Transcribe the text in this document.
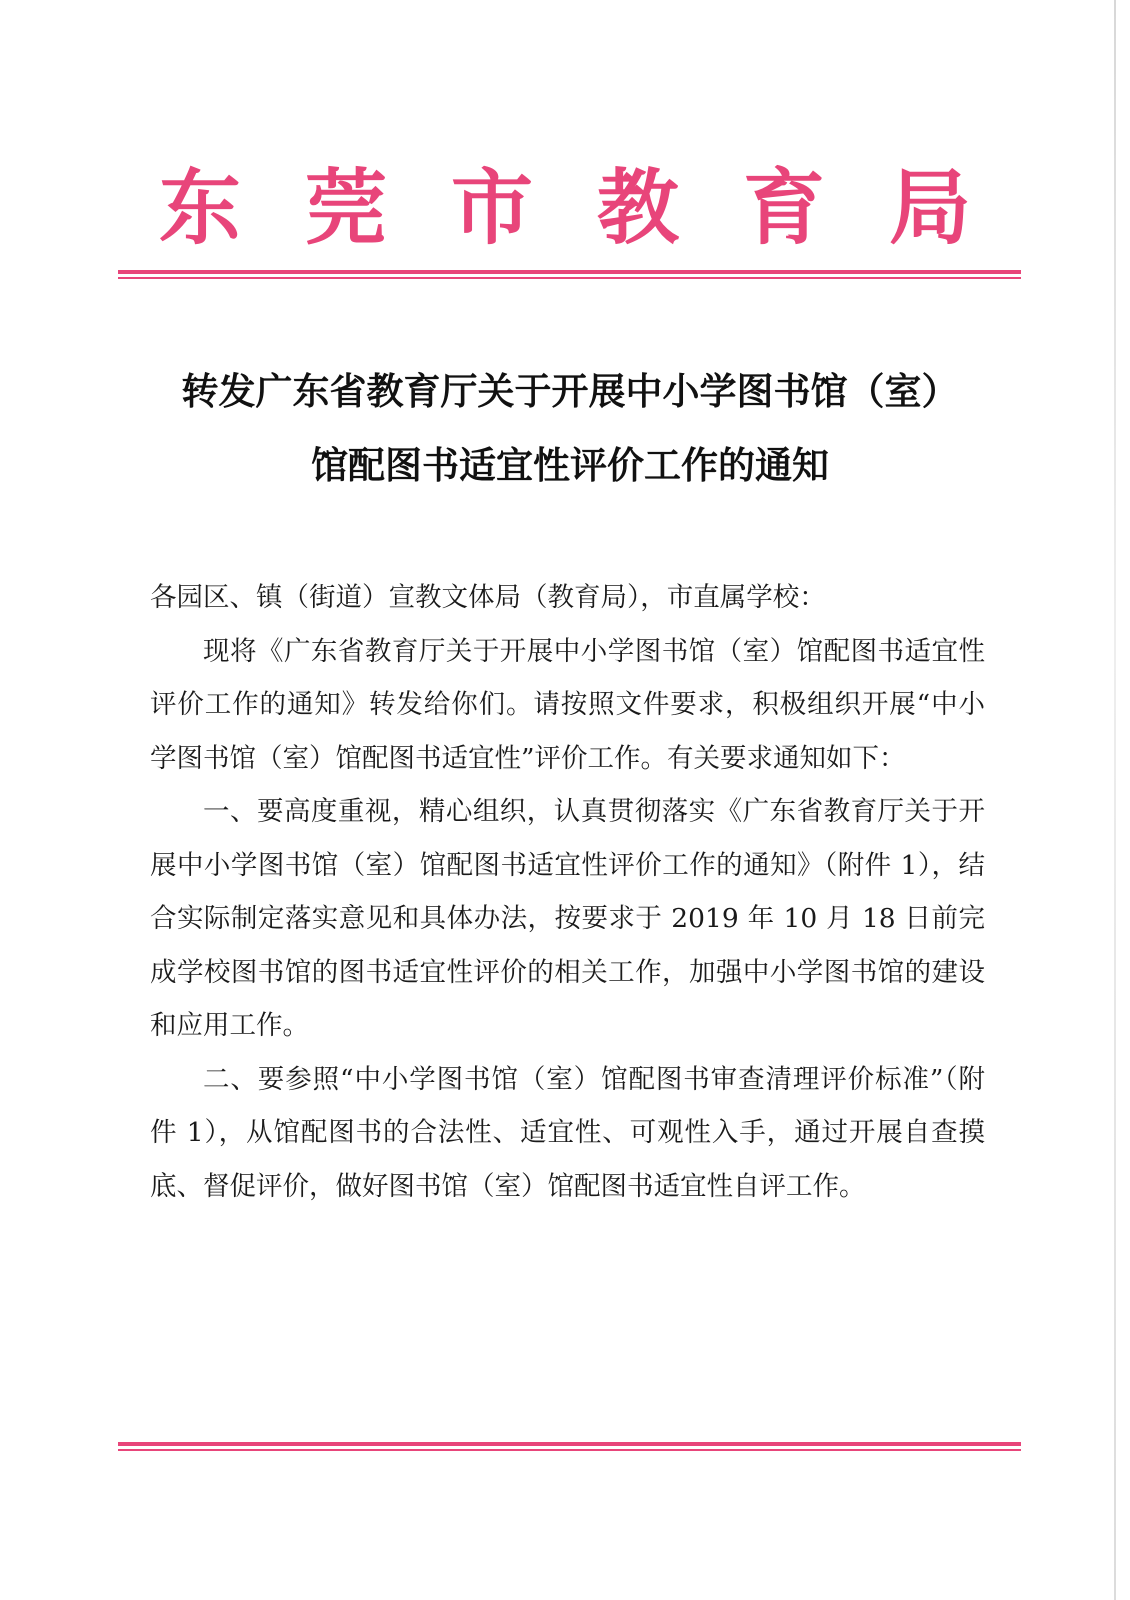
东 莞 市 教 育 局
转发广东省教育厅关于开展中小学图书馆（室）
馆配图书适宜性评价工作的通知

各园区、镇（街道）宣教文体局（教育局），市直属学校：

现将《广东省教育厅关于开展中小学图书馆（室）馆配图书适宜性评价工作的通知》转发给你们。请按照文件要求，积极组织开展“中小学图书馆（室）馆配图书适宜性”评价工作。有关要求通知如下：

一、要高度重视，精心组织，认真贯彻落实《广东省教育厅关于开展中小学图书馆（室）馆配图书适宜性评价工作的通知》（附件 1），结合实际制定落实意见和具体办法，按要求于 2019 年 10 月 18 日前完成学校图书馆的图书适宜性评价的相关工作，加强中小学图书馆的建设和应用工作。

二、要参照“中小学图书馆（室）馆配图书审查清理评价标准”（附件 1），从馆配图书的合法性、适宜性、可观性入手，通过开展自查摸底、督促评价，做好图书馆（室）馆配图书适宜性自评工作。
